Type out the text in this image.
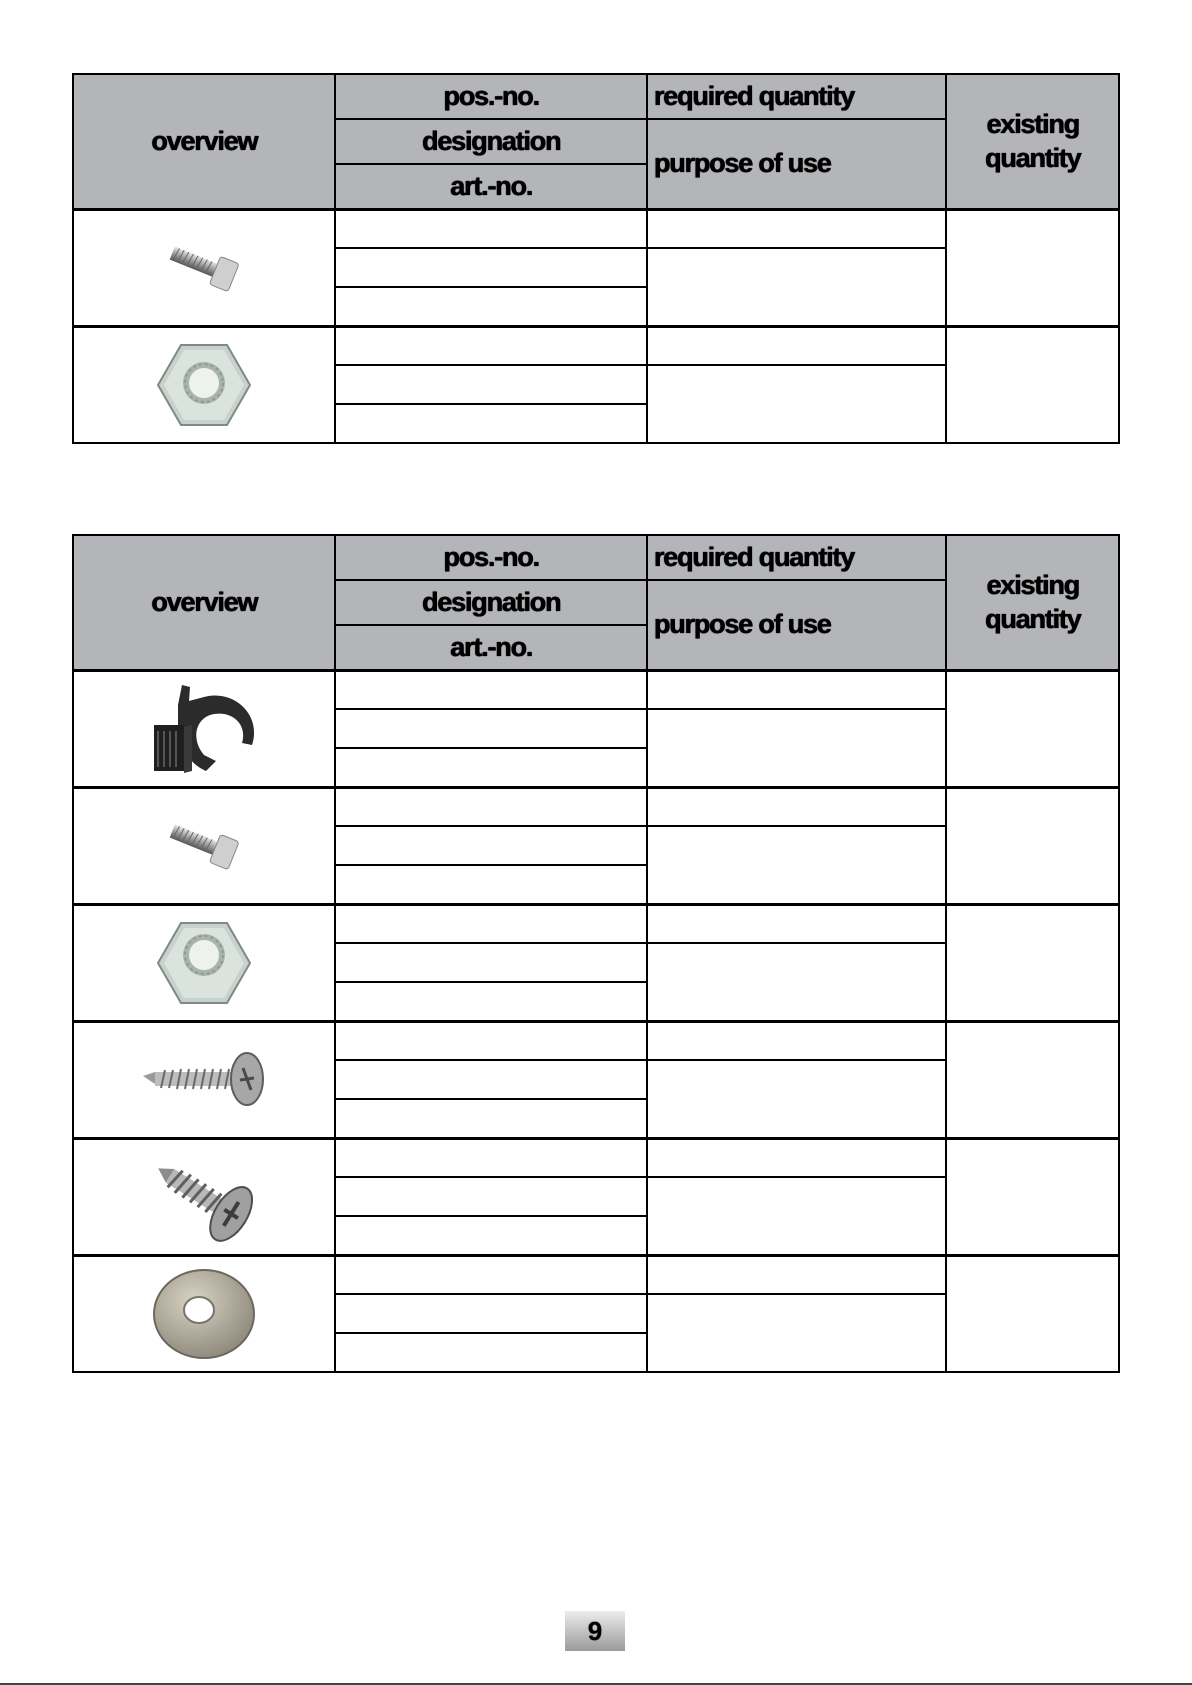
overview	pos.-no.	required quantity	existing quantity
	designation	purpose of use	
	art.-no.		

overview	pos.-no.	required quantity	existing quantity
	designation	purpose of use	
	art.-no.		

9
